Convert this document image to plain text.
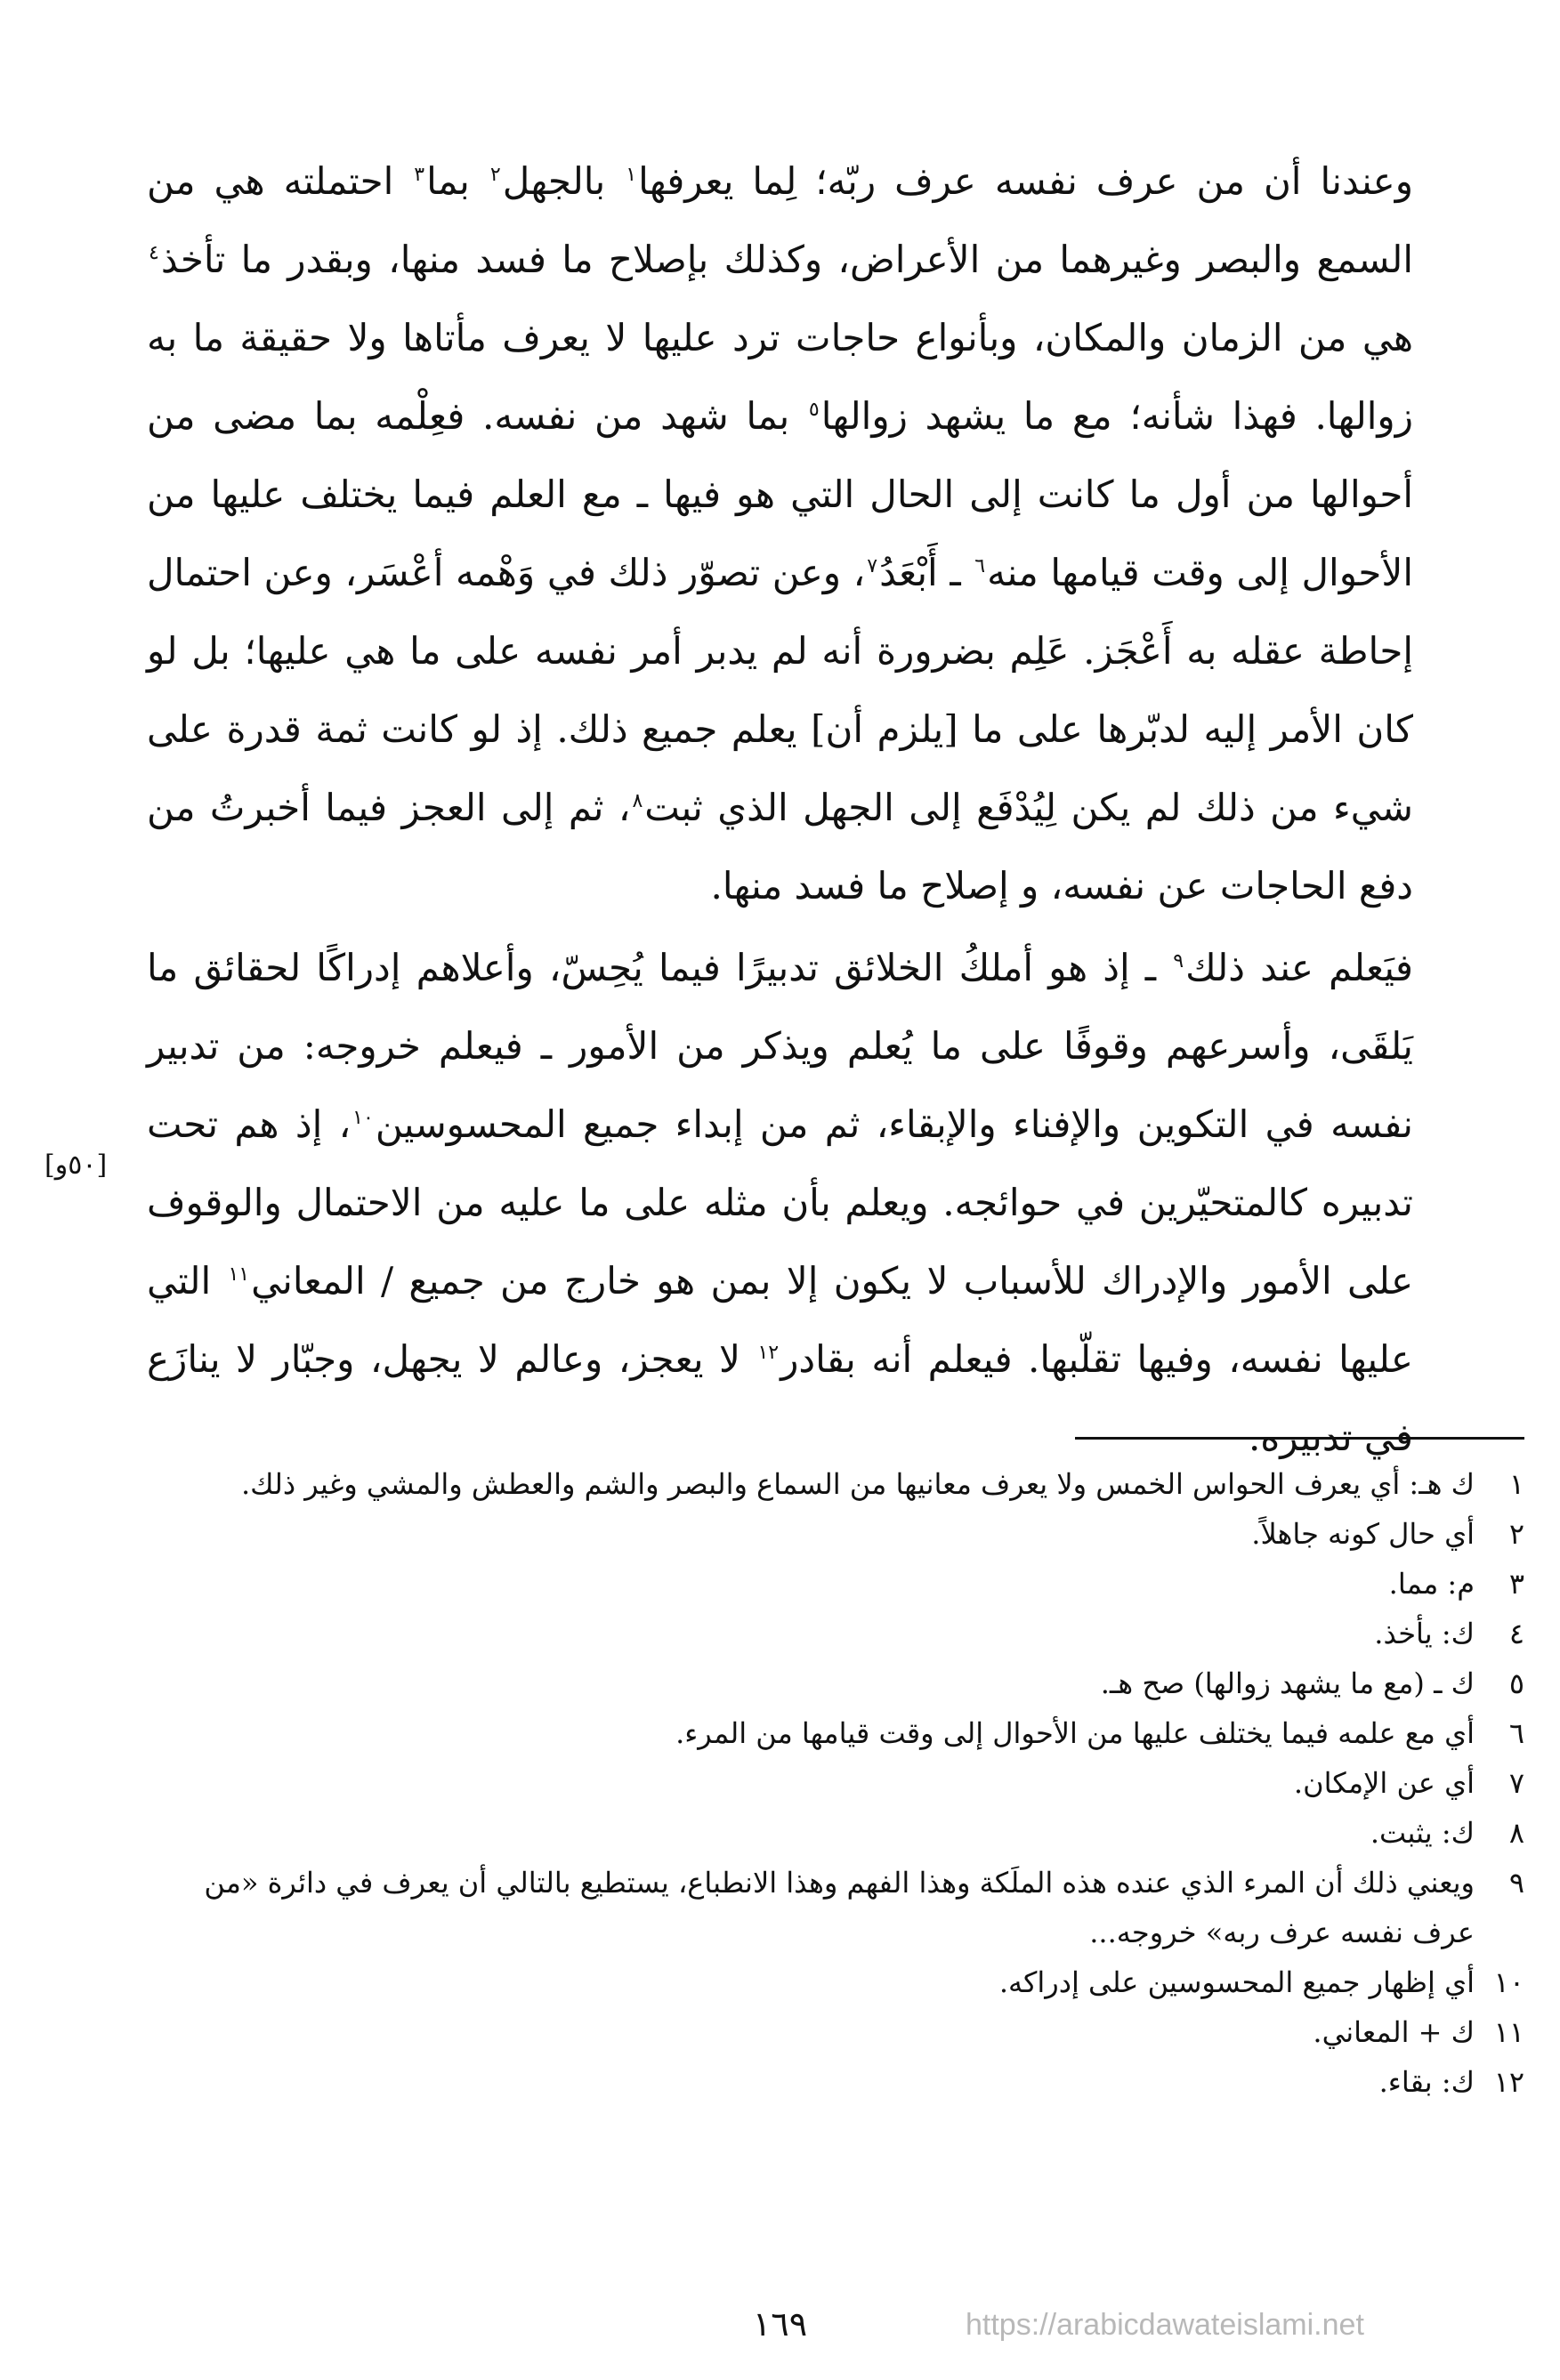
وعندنا أن من عرف نفسه عرف ربّه؛ لِما يعرفها$^١$ بالجهل$^٢$ بما$^٣$ احتملته هي من السمع والبصر وغيرهما من الأعراض، وكذلك بإصلاح ما فسد منها، وبقدر ما تأخذ$^٤$ هي من الزمان والمكان، وبأنواع حاجات ترد عليها لا يعرف مأتاها ولا حقيقة ما به زوالها. فهذا شأنه؛ مع ما يشهد زوالها$^٥$ بما شهد من نفسه. فعِلْمه بما مضى من أحوالها من أول ما كانت إلى الحال التي هو فيها ـ مع العلم فيما يختلف عليها من الأحوال إلى وقت قيامها منه$^٦$ ـ أَبْعَدُ$^٧$، وعن تصوّر ذلك في وَهْمه أعْسَر، وعن احتمال إحاطة عقله به أَعْجَز. عَلِم بضرورة أنه لم يدبر أمر نفسه على ما هي عليها؛ بل لو كان الأمر إليه لدبّرها على ما [يلزم أن] يعلم جميع ذلك. إذ لو كانت ثمة قدرة على شيء من ذلك لم يكن لِيُدْفَع إلى الجهل الذي ثبت$^٨$، ثم إلى العجز فيما أخبرتُ من دفع الحاجات عن نفسه، و إصلاح ما فسد منها.

فيَعلم عند ذلك$^٩$ ـ إذ هو أملكُ الخلائق تدبيرًا فيما يُحِسّ، وأعلاهم إدراكًا لحقائق ما يَلقَى، وأسرعهم وقوفًا على ما يُعلم ويذكر من الأمور ـ فيعلم خروجه: من تدبير نفسه في التكوين والإفناء والإبقاء، ثم من إبداء جميع المحسوسين$^{١٠}$، إذ هم تحت تدبيره كالمتحيّرين في حوائجه. ويعلم بأن مثله على ما عليه من الاحتمال والوقوف على الأمور والإدراك للأسباب لا يكون إلا بمن هو خارج من جميع / المعاني$^{١١}$ التي عليها نفسه، وفيها تقلّبها. فيعلم أنه بقادر$^{١٢}$ لا يعجز، وعالم لا يجهل، وجبّار لا ينازَع في تدبيره.

[٥٠و]
١
ك هـ: أي يعرف الحواس الخمس ولا يعرف معانيها من السماع والبصر والشم والعطش والمشي وغير ذلك.
٢
أي حال كونه جاهلاً.
٣
م: مما.
٤
ك: يأخذ.
٥
ك ـ (مع ما يشهد زوالها) صح هـ.
٦
أي مع علمه فيما يختلف عليها من الأحوال إلى وقت قيامها من المرء.
٧
أي عن الإمكان.
٨
ك: يثبت.
٩
ويعني ذلك أن المرء الذي عنده هذه الملَكة وهذا الفهم وهذا الانطباع، يستطيع بالتالي أن يعرف في دائرة «من عرف نفسه عرف ربه» خروجه...
١٠
أي إظهار جميع المحسوسين على إدراكه.
١١
ك + المعاني.
١٢
ك: بقاء.
١٦٩	https://arabicdawateislami.net
